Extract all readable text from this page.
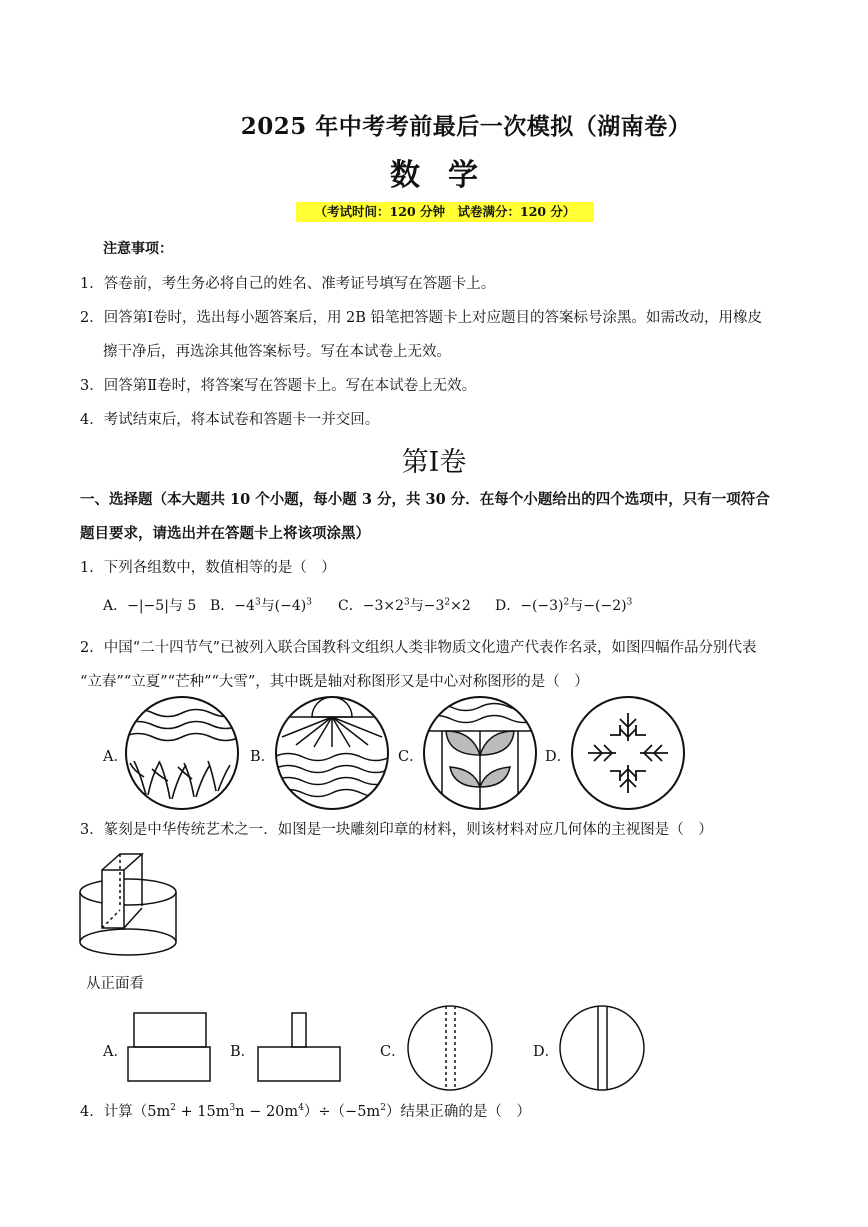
2025 年中考考前最后一次模拟（湖南卷）
数学
（考试时间：120 分钟　试卷满分：120 分）
注意事项：
1．答卷前，考生务必将自己的姓名、准考证号填写在答题卡上。
2．回答第Ⅰ卷时，选出每小题答案后，用 2B 铅笔把答题卡上对应题目的答案标号涂黑。如需改动，用橡皮
擦干净后，再选涂其他答案标号。写在本试卷上无效。
3．回答第Ⅱ卷时，将答案写在答题卡上。写在本试卷上无效。
4．考试结束后，将本试卷和答题卡一并交回。
第Ⅰ卷
一、选择题（本大题共 10 个小题，每小题 3 分，共 30 分．在每个小题给出的四个选项中，只有一项符合
题目要求，请选出并在答题卡上将该项涂黑）
1．下列各组数中，数值相等的是（　）
A．−|−5|与 5 B．$-4^3$与$(-4)^3$ C．$-3\times 2^3$与$-3^2\times 2$ D．$-(-3)^2$与$-(-2)^3$
2．中国“二十四节气”已被列入联合国教科文组织人类非物质文化遗产代表作名录，如图四幅作品分别代表
“立春”“立夏”“芒种”“大雪”，其中既是轴对称图形又是中心对称图形的是（　）
A．	B．	C．	D．
3．篆刻是中华传统艺术之一．如图是一块雕刻印章的材料，则该材料对应几何体的主视图是（　）
从正面看
A．	B．	C．	D．
4．计算$(5m^2 + 15m^3n - 20m^4)\div(-5m^2)$结果正确的是（　）
